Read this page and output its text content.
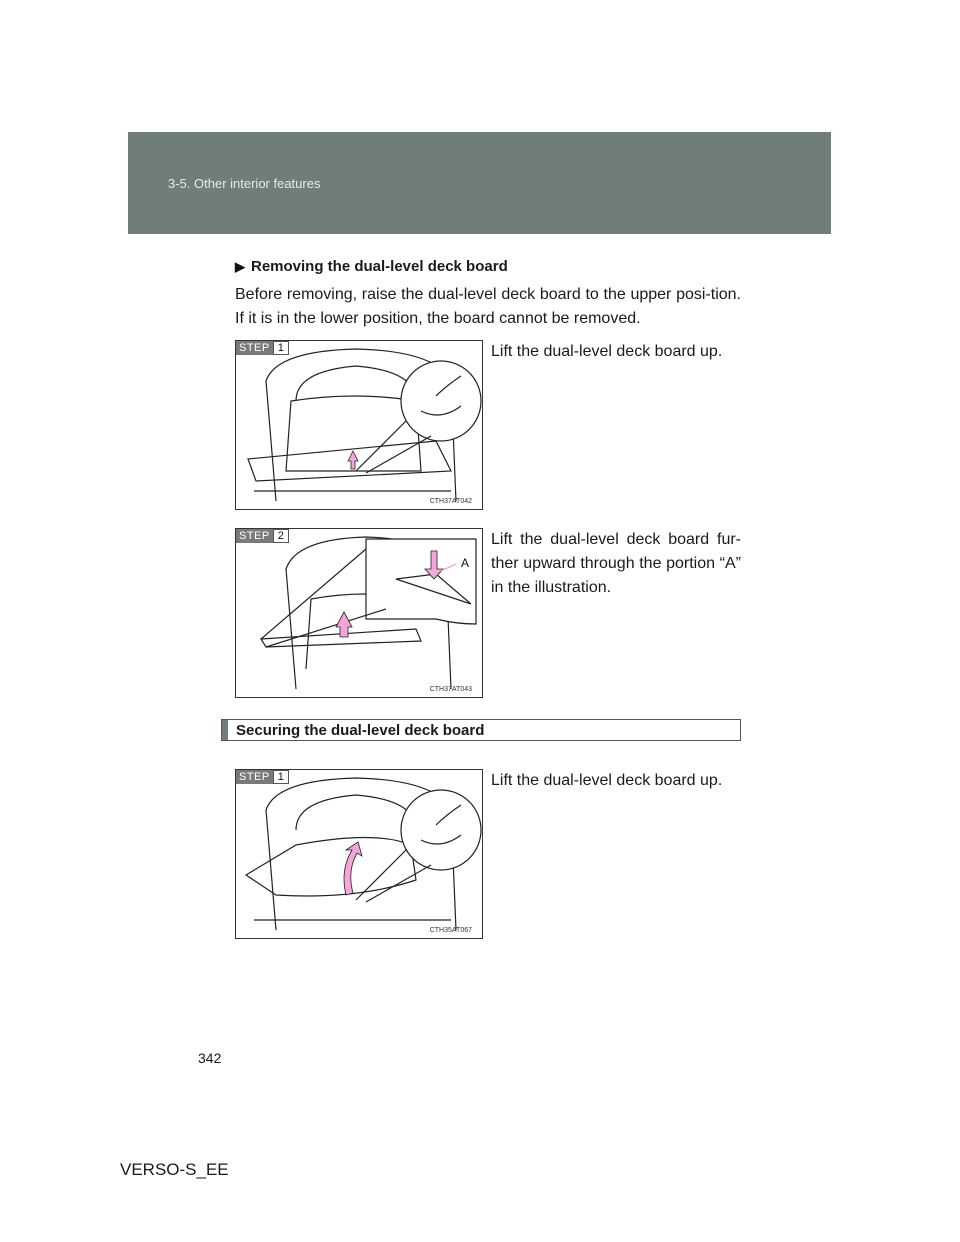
3-5. Other interior features
▶ Removing the dual-level deck board
Before removing, raise the dual-level deck board to the upper posi-tion. If it is in the lower position, the board cannot be removed.
STEP 1
CTH37AT042
Lift the dual-level deck board up.
STEP 2
A
CTH37AT043
Lift the dual-level deck board fur-ther upward through the portion “A” in the illustration.
Securing the dual-level deck board
STEP 1
CTH35AT067
Lift the dual-level deck board up.
342
VERSO-S_EE
